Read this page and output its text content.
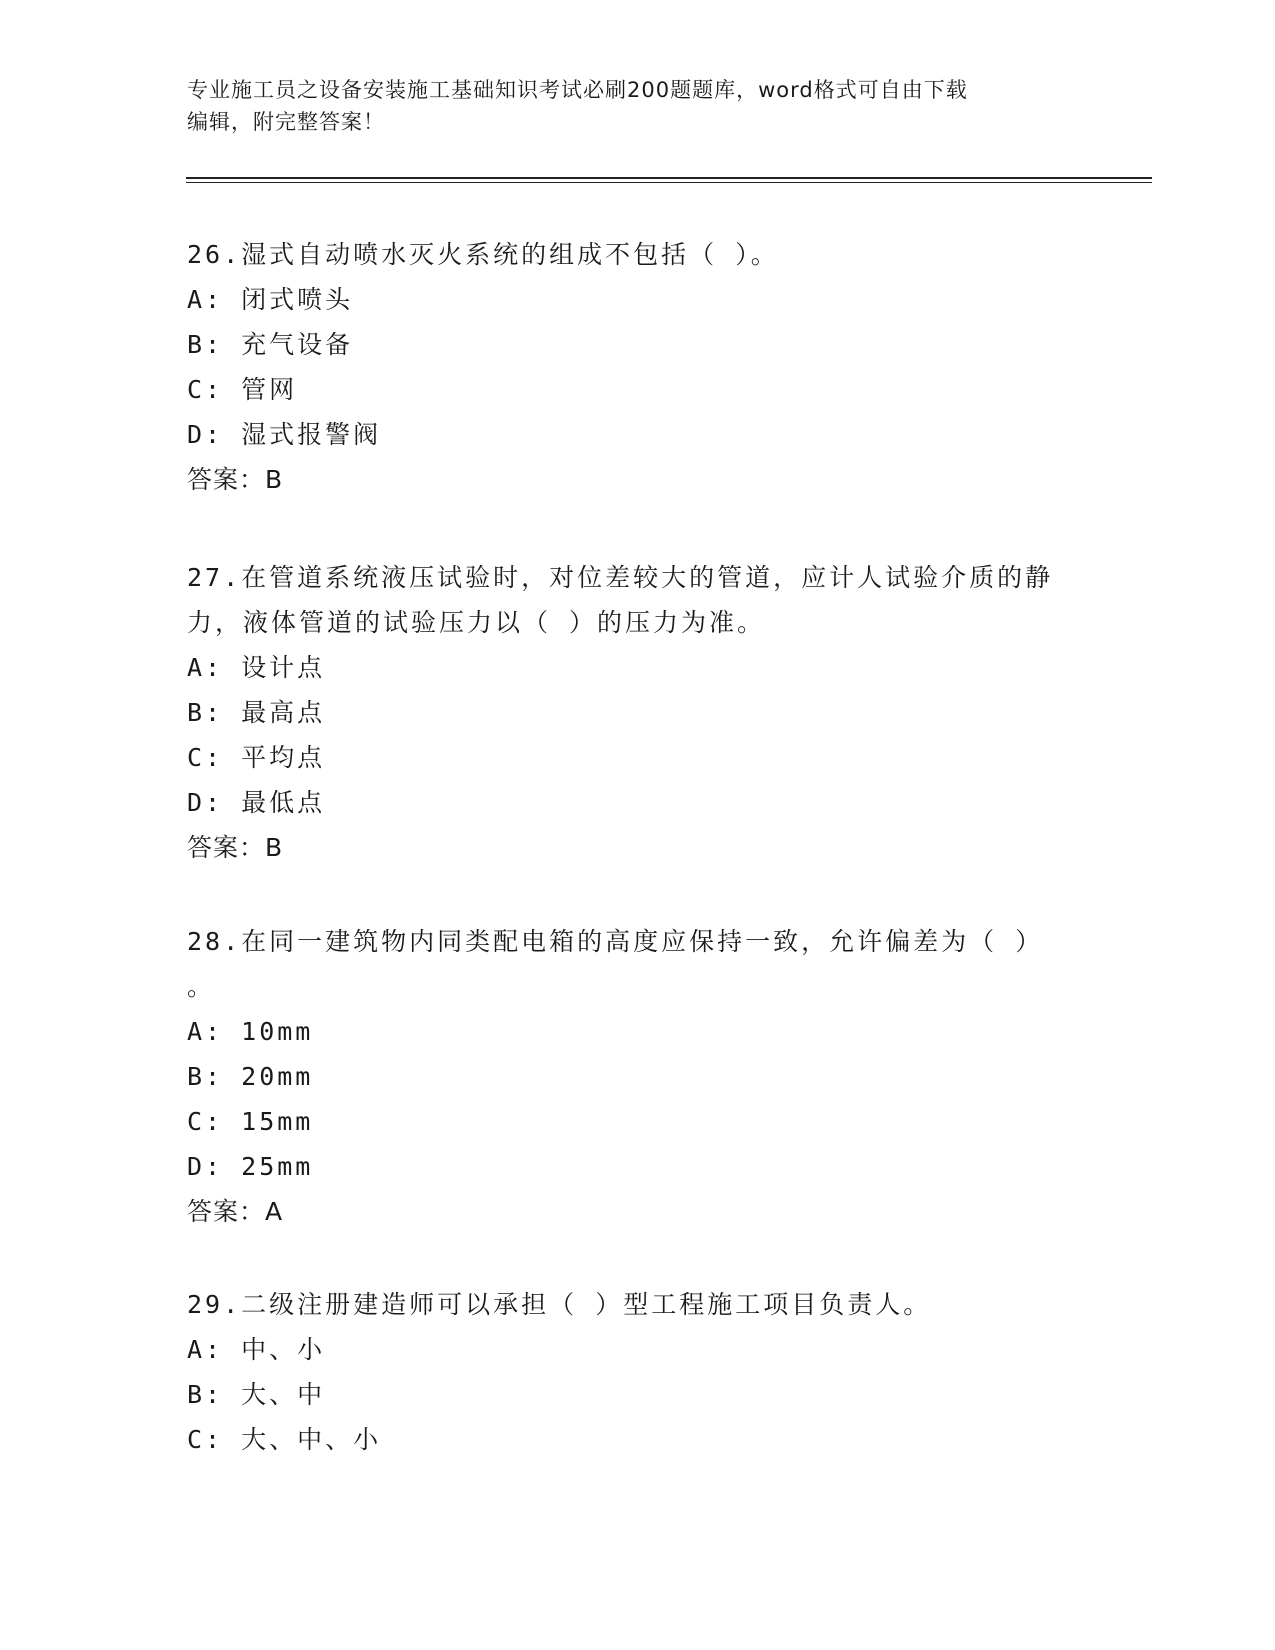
专业施工员之设备安装施工基础知识考试必刷200题题库，word格式可自由下载
编辑，附完整答案！
26.湿式自动喷水灭火系统的组成不包括（ ）。
A: 闭式喷头
B: 充气设备
C: 管网
D: 湿式报警阀
答案：B
27.在管道系统液压试验时，对位差较大的管道，应计人试验介质的静
力，液体管道的试验压力以（ ）的压力为准。
A: 设计点
B: 最高点
C: 平均点
D: 最低点
答案：B
28.在同一建筑物内同类配电箱的高度应保持一致，允许偏差为（ ）
。
A: 10mm
B: 20mm
C: 15mm
D: 25mm
答案：A
29.二级注册建造师可以承担（ ）型工程施工项目负责人。
A: 中、小
B: 大、中
C: 大、中、小
